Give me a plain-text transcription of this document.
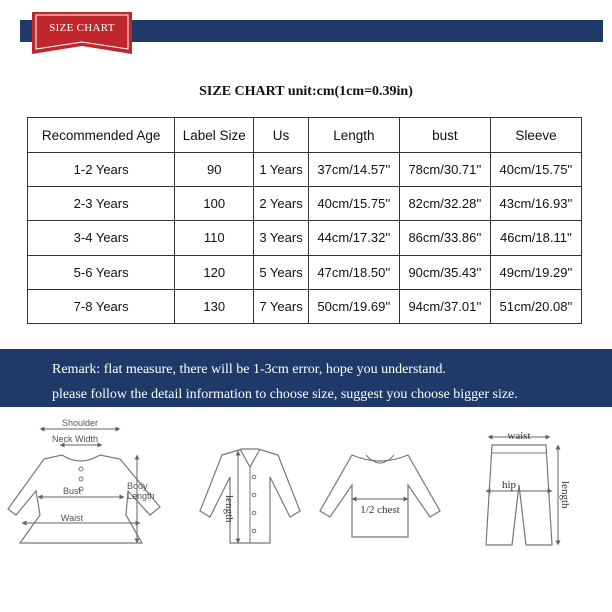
SIZE CHART
SIZE CHART unit:cm(1cm=0.39in)
Recommended Age	Label Size	Us	Length	bust	Sleeve
1-2 Years	90	1 Years	37cm/14.57''	78cm/30.71''	40cm/15.75''
2-3 Years	100	2 Years	40cm/15.75''	82cm/32.28''	43cm/16.93''
3-4 Years	110	3 Years	44cm/17.32''	86cm/33.86''	46cm/18.11''
5-6 Years	120	5 Years	47cm/18.50''	90cm/35.43''	49cm/19.29''
7-8 Years	130	7 Years	50cm/19.69''	94cm/37.01''	51cm/20.08''
Remark: flat measure, there will be 1-3cm error, hope you understand.
please follow the detail information to choose size, suggest you choose bigger size.
Shoulder
Neck Width
Bust
Waist
Body
Length	length	1/2 chest
waist
hip	length
